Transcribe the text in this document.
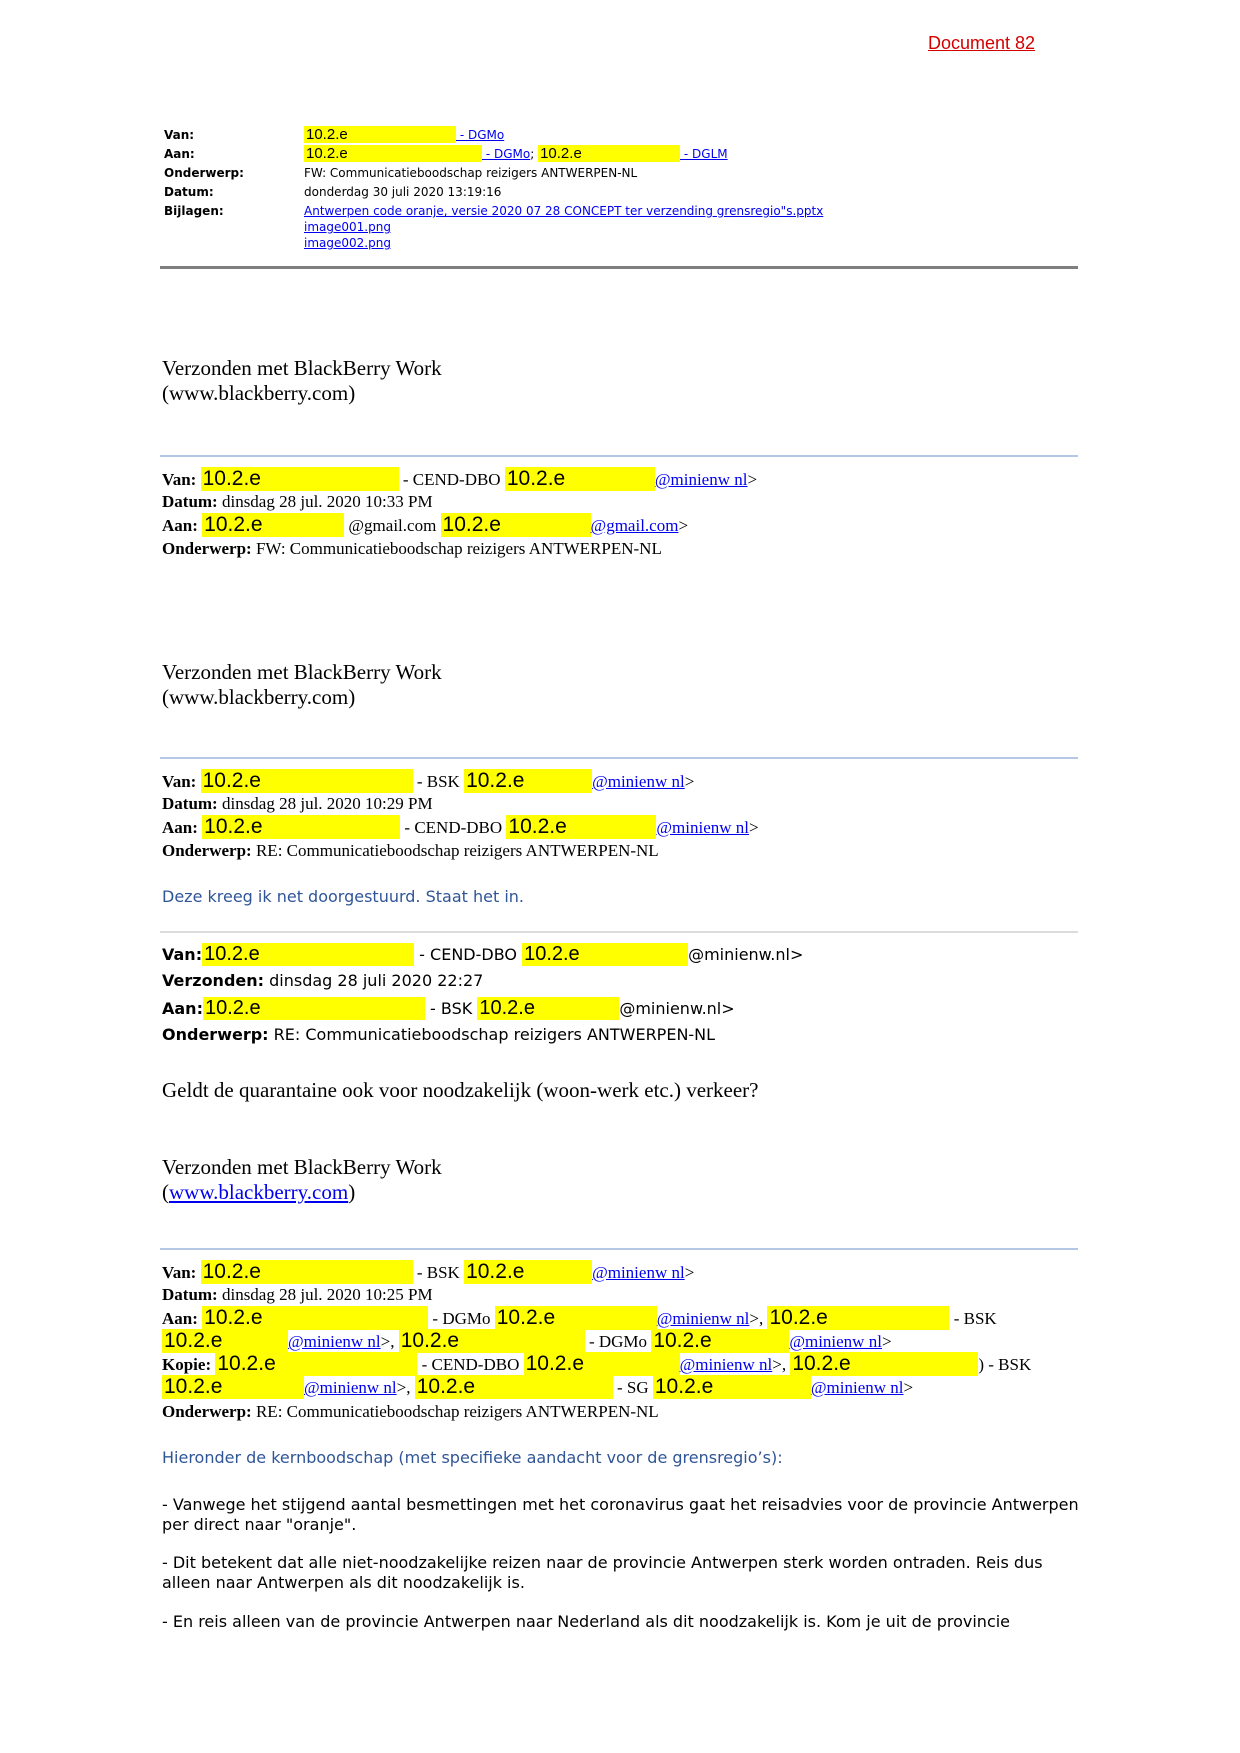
Document 82
Van:	10.2.e	- DGMo
Aan:	10.2.e	- DGMo; 10.2.e	- DGLM
Onderwerp:	FW: Communicatieboodschap reizigers ANTWERPEN-NL
Datum:	donderdag 30 juli 2020 13:19:16
Bijlagen:	Antwerpen code oranje, versie 2020 07 28 CONCEPT ter verzending grensregio"s.pptx
image001.png
image002.png
Verzonden met BlackBerry Work
(www.blackberry.com)
Van: 10.2.e	- CEND-DBO 10.2.e	@minienw nl>
Datum: dinsdag 28 jul. 2020 10:33 PM
Aan: 10.2.e	@gmail.com 10.2.e	@gmail.com>
Onderwerp: FW: Communicatieboodschap reizigers ANTWERPEN-NL
Verzonden met BlackBerry Work
(www.blackberry.com)
Van: 10.2.e	- BSK 10.2.e	@minienw nl>
Datum: dinsdag 28 jul. 2020 10:29 PM
Aan: 10.2.e	- CEND-DBO 10.2.e	@minienw nl>
Onderwerp: RE: Communicatieboodschap reizigers ANTWERPEN-NL
Deze kreeg ik net doorgestuurd. Staat het in.
Van: 10.2.e	- CEND-DBO 10.2.e	@minienw.nl>
Verzonden: dinsdag 28 juli 2020 22:27
Aan: 10.2.e	- BSK 10.2.e	@minienw.nl>
Onderwerp: RE: Communicatieboodschap reizigers ANTWERPEN-NL
Geldt de quarantaine ook voor noodzakelijk (woon-werk etc.) verkeer?
Verzonden met BlackBerry Work
(www.blackberry.com)
Van: 10.2.e	- BSK 10.2.e	@minienw nl>
Datum: dinsdag 28 jul. 2020 10:25 PM
Aan: 10.2.e	- DGMo 10.2.e	@minienw nl>, 10.2.e	- BSK
10.2.e	@minienw nl>, 10.2.e	- DGMo 10.2.e	@minienw nl>
Kopie: 10.2.e	- CEND-DBO 10.2.e	@minienw nl>, 10.2.e	) - BSK
10.2.e	@minienw nl>, 10.2.e	- SG 10.2.e	@minienw nl>
Onderwerp: RE: Communicatieboodschap reizigers ANTWERPEN-NL
Hieronder de kernboodschap (met specifieke aandacht voor de grensregio’s):
- Vanwege het stijgend aantal besmettingen met het coronavirus gaat het reisadvies voor de provincie Antwerpen per direct naar "oranje".
- Dit betekent dat alle niet-noodzakelijke reizen naar de provincie Antwerpen sterk worden ontraden. Reis dus alleen naar Antwerpen als dit noodzakelijk is.
- En reis alleen van de provincie Antwerpen naar Nederland als dit noodzakelijk is. Kom je uit de provincie
